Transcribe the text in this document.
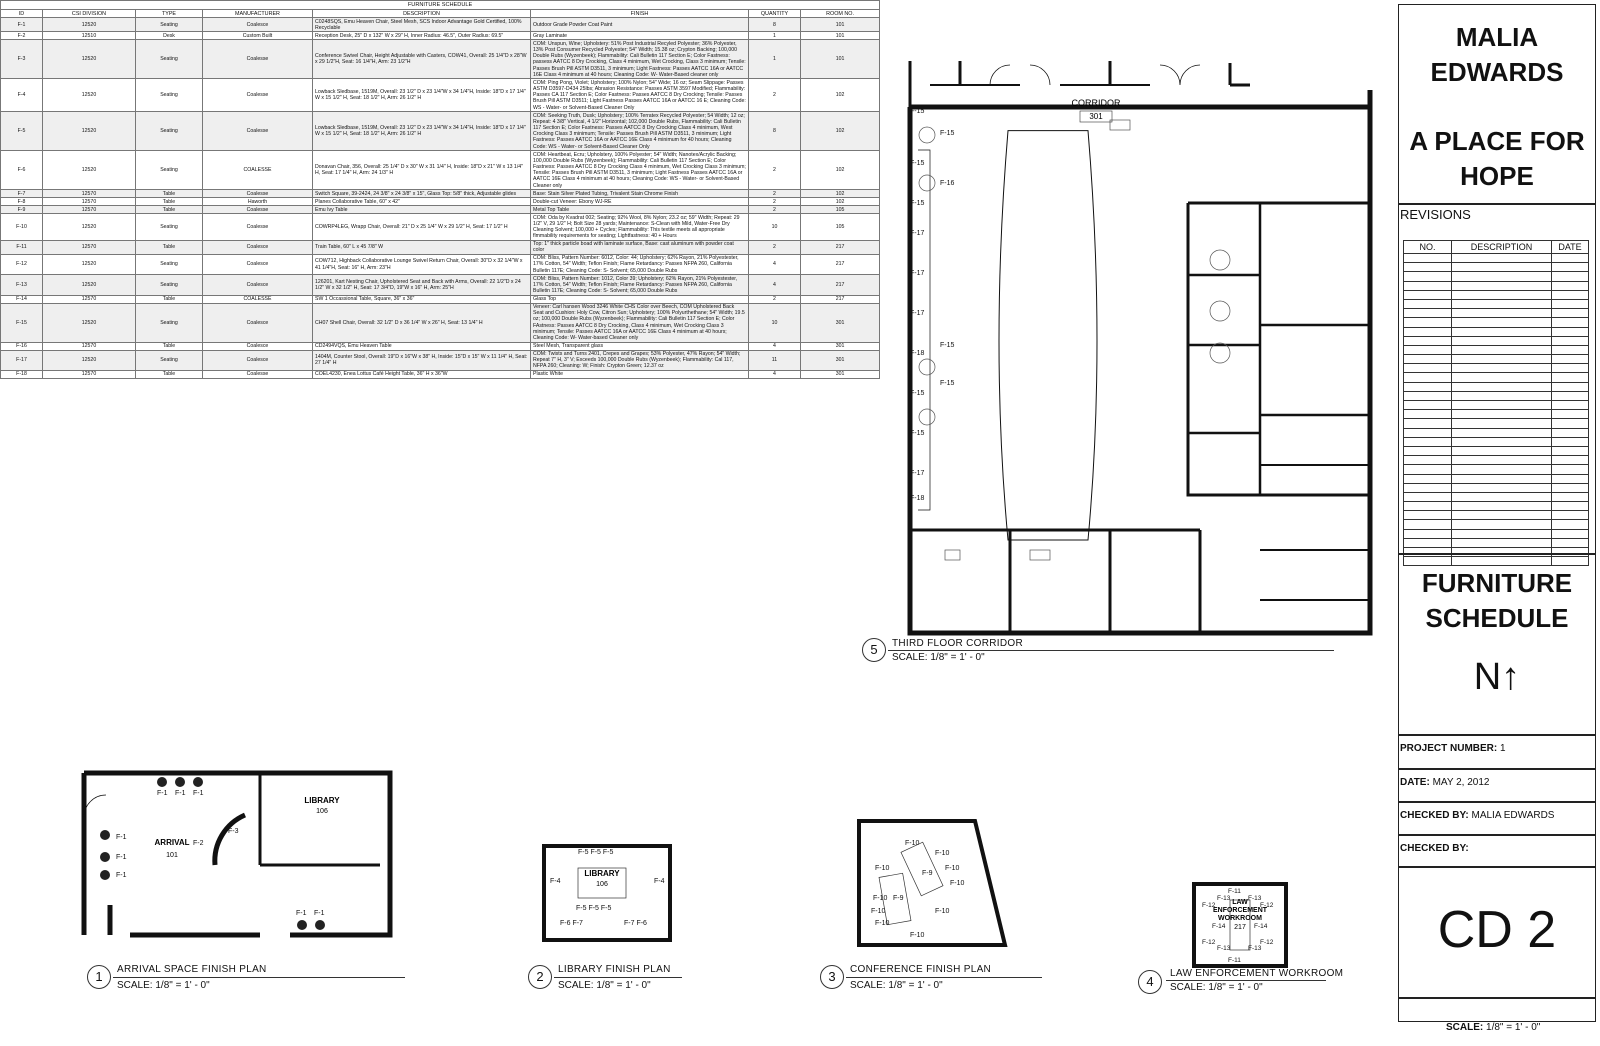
FURNITURE SCHEDULE							
ID	CSI DIVISION	TYPE	MANUFACTURER	DESCRIPTION	FINISH	QUANTITY	ROOM NO.
F-1	12520	Seating	Coalesce	C0248SQS, Emu Heaven Chair, Steel Mesh, SCS Indoor Advantage Gold Certified, 100% Recyclable	Outdoor Grade Powder Coat Paint	8	101
F-2	12510	Desk	Custom Built	Reception Desk, 25" D x 132" W x 29" H, Inner Radius: 46.5", Outer Radius: 69.5"	Gray Laminate	1	101
F-3	12520	Seating	Coalesse	Conference Swivel Chair, Height Adjustable with Casters, COW41, Overall: 25 1/4"D x 28"W x 29 1/2"H, Seat: 16 1/4"H, Arm: 23 1/2"H	COM: Unspun, Wine; Upholstery: 51% Post Industrial Recyled Polyester; 36% Polyester, 13% Post Consumer Recycled Polyester; 54" Width; 15.38 oz; Crypton Backing; 100,000 Double Rubs (Wyzenbeek); Flammability: Cali Bulletin 117 Section E; Color Fastness: passess AATCC 8 Dry Crocking, Class 4 minimum, Wet Crocking, Class 3 minimum; Tensile: Passes Brush Pill ASTM D3511, 3 minimum; Light Fastness: Passes AATCC 16A or AATCC 16E Class 4 minimum at 40 hours; Cleaning Code: W- Water-Based cleaner only	1	101
F-4	12520	Seating	Coalesse	Lowback Sledbase, 1519M, Overall: 23 1/2" D x 23 1/4"W x 34 1/4"H, Inside: 18"D x 17 1/4" W x 15 1/2" H, Seat: 18 1/2" H, Arm: 26 1/2" H	COM: Ping Pong, Violet; Upholstery; 100% Nylon; 54" Wide; 16 oz; Seam Slippage: Passes ASTM D3597-D434 25lbs; Abrasion Resistance: Passes ASTM 3597 Modified; Flammability: Passes CA 117 Section E; Color Fastness: Passes AATCC 8 Dry Crocking; Tensile: Passes Brush Pill ASTM D3511; Light Fastness Passes AATCC 16A or AATCC 16 E; Cleaning Code: WS - Water- or Solvent-Based Cleaner Only	2	102
F-5	12520	Seating	Coalesse	Lowback Sledbase, 1519M, Overall: 23 1/2" D x 23 1/4"W x 34 1/4"H, Inside: 18"D x 17 1/4" W x 15 1/2" H, Seat: 18 1/2" H, Arm: 26 1/2" H	COM: Seeking Truth, Dusk; Upholstery; 100% Terratex Recycled Polyester; 54 Width; 12 oz; Repeat: 4 3/8" Vertical, 4 1/2" Horizontal; 102,000 Double Rubs, Flammability: Cali Bulletin 117 Section E; Color Fastness: Passes AATCC 8 Dry Crocking Class 4 minimum, West Crocking Class 3 minimum; Tensile: Passes Brush Pill ASTM D3511, 3 minimum; Light Fastness: Passes AATCC 16A or AATCC 16E Class 4 minimum for 40 hours; Cleaning Code: WS - Water- or Solvent-Based Cleaner Only	8	102
F-6	12520	Seating	COALESSE	Donavan Chair, 356, Overall: 25 1/4" D x 30" W x 31 1/4" H, Inside: 18"D x 21" W x 13 1/4" H, Seat: 17 1/4" H, Arm: 24 1/3" H	COM: Heartbeat, Ecru; Upholstery, 100% Polyester; 54" Width; Nanotex/Acrylic Backing; 100,000 Double Rubs (Wyzenbeek); Flammability: Cali Bulletin 117 Section E; Color Fastness: Passes AATCC 8 Dry Crocking Class 4 minimum, Wet Crocking Class 3 minimum; Tensile: Passes Brush Pill ASTM D3511, 3 minimum; Light Fastness Passes AATCC 16A or AATCC 16E Class 4 minimum at 40 hours; Cleaning Code: WS - Water- or Solvent-Based Cleaner only	2	102
F-7	12570	Table	Coalesse	Switch Square, 39-2424, 24 3/8" x 24 3/8" x 15", Glass Top: 5/8" thick, Adjustable glides	Base: Stain Silver Plated Tubing, Trivalent Stain Chrome Finish	2	102
F-8	12570	Table	Haworth	Planes Collaborative Table, 60" x 42"	Double-cut Veneer: Ebony WJ-RE	2	102
F-9	12570	Table	Coalesse	Emu Ivy Table	Metal Top Table	2	105
F-10	12520	Seating	Coalesse	COWRP4LEG, Wrapp Chair, Overall: 21" D x 25 1/4" W x 29 1/2" H, Seat: 17 1/2" H	COM: Oda by Kvadrat 002; Seating; 92% Wool, 8% Nylon; 23.2 oz; 59" Width; Repeat: 29 1/2" V, 29 1/2" H; Bolt Size 28 yards; Maintenance: S-Clean with Mild, Water-Free Dry Cleaning Solvent; 100,000 + Cycles; Flammability: This textile meets all appropriate flmmability requirements for seating; Lightfastness: 40 + Hours	10	105
F-11	12570	Table	Coalesce	Train Table, 60" L x 45 7/8" W	Top: 1" thick particle boad with laminate surface, Base: cast aluminum with powder coat color	2	217
F-12	12520	Seating	Coalesce	COW712, Highback Collaborative Lounge Swivel Return Chair, Overall: 30"D x 32 1/4"W x 41 1/4"H, Seat: 16" H, Arm: 23"H	COM: Bliss, Pattern Number: 6012, Color: 44; Upholstery; 62% Rayon, 21% Polyestester, 17% Cotton, 54" Width; Teflon Finish; Flame Retardancy: Passes NFPA 260, California Bulletin 117E; Cleaning Code: S- Solvent; 65,000 Double Rubs	4	217
F-13	12520	Seating	Coalesce	126201, Kart Nesting Chair, Upholstered Seat and Back with Arms, Overall: 22 1/2"D x 24 1/2" W x 32 1/2" H, Seat: 17 3/4"D, 19"W x 16" H, Arm: 25"H	COM: Bliss, Pattern Number: 1012, Color 39; Upholstery; 62% Rayon, 21% Polyestester, 17% Cotton, 54" Width; Teflon Finish; Flame Retardancy: Passes NFPA 260, California Bulletin 117E; Cleaning Code: S- Solvent; 65,000 Double Rubs	4	217
F-14	12570	Table	COALESSE	SW 1 Occassional Table, Square, 36" x 36"	Glass Top	2	217
F-15	12520	Seating	Coalesce	CH07 Shell Chair, Overall: 32 1/2" D x 36 1/4" W x 26" H, Seat: 13 1/4" H	Veneer: Carl hansen Wood 3246 White CHS Color over Beech, COM Upholstered Back Seat and Cushion: Holy Cow, Citron Sun; Upholstery; 100% Polyurthethane; 54" Width; 19.5 oz; 100,000 Double Rubs (Wyzenbeek); Flammability: Cali Bulletin 117 Section E; Color FAstness: Passes AATCC 8 Dry Crocking, Class 4 minimum, Wet Crocking Class 3 minimum; Tensile: Passes AATCC 16A or AATCC 16E Class 4 minimum at 40 hours; Cleaning Code: W- Water-based Cleaner only	10	301
F-16	12570	Table	Coalesce	CD2494VQS, Emu Heaven Table	Steel Mesh, Transparent glass	4	301
F-17	12520	Seating	Coalesce	1404M, Counter Stool, Overall: 19"D x 16"W x 38" H, Inside: 15"D x 15" W x 11 1/4" H, Seat: 27 1/4" H	COM: Twists and Turns 2401, Crepes and Grapes; 53% Polyester, 47% Rayon; 54" Width; Repeat 7" H, 3" V; Exceeds 100,000 Double Rubs (Wyzenbeek); Flammability: Cal 117, NFPA 260; Cleaning: W; Finish: Crypton Green; 12.37 oz	11	301
F-18	12570	Table	Coalesse	COEL4230, Enea Lottus Café Height Table, 36" H x 36"W	Plastic White	4	301
MALIA
EDWARDS
A PLACE FOR
HOPE
REVISIONS
NO.	DESCRIPTION	DATE

FURNITURE
SCHEDULE
N↑
PROJECT NUMBER: 1
DATE: MAY 2, 2012
CHECKED BY: MALIA EDWARDS
CHECKED BY:
CD 2
SCALE: 1/8" = 1' - 0"
F-15
F-15
F-15
F-17
F-17
F-17
F-18
F-15
F-15
F-17
F-18
F-15
F-16
F-15
F-15
CORRIDOR
301
5	THIRD FLOOR CORRIDOR
SCALE: 1/8" = 1' - 0"
F-1 F-1 F-1
F-1
F-1
F-1
F-2
F-3
F-1 F-1
ARRIVAL
101
LIBRARY
106
1	ARRIVAL SPACE FINISH PLAN
SCALE: 1/8" = 1' - 0"
F-5 F-5 F-5
F-5 F-5 F-5
F-4	F-4
F-6 F-7	F-7 F-6
LIBRARY
106
2	LIBRARY FINISH PLAN
SCALE: 1/8" = 1' - 0"
F-10
F-10
F-10
F-10
F-10
F-10
F-10
F-10
F-10
F-10
F-9
F-9
3	CONFERENCE FINISH PLAN
SCALE: 1/8" = 1' - 0"
F-11
F-11
F-12	F-12
F-12	F-12
F-13	F-13
F-13	F-13
F-14	F-14
LAW
ENFORCEMENT
WORKROOM
217
4
LAW ENFORCEMENT WORKROOM
SCALE: 1/8" = 1' - 0"
